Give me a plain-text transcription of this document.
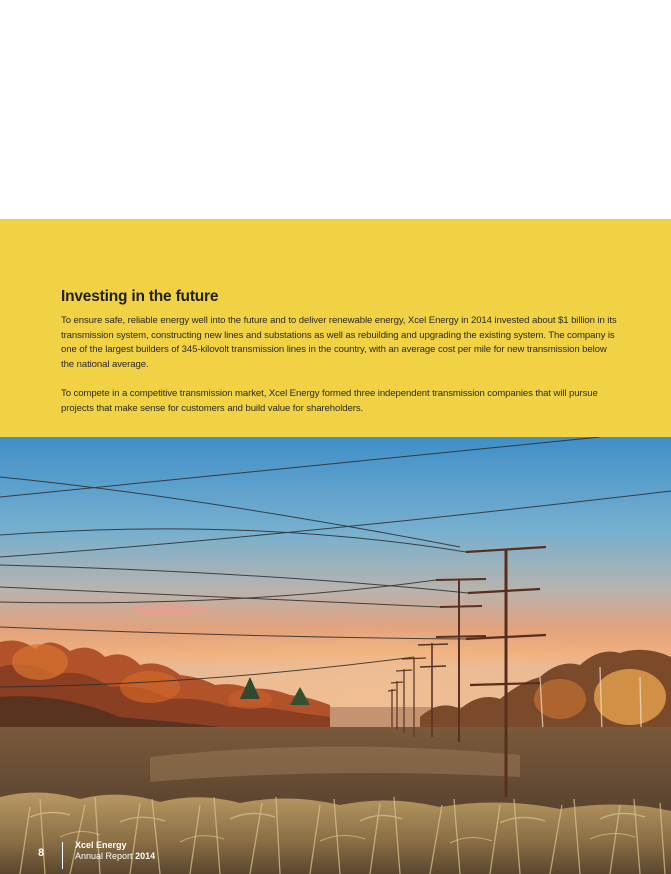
Investing in the future

To ensure safe, reliable energy well into the future and to deliver renewable energy, Xcel Energy in 2014 invested about $1 billion in its transmission system, constructing new lines and substations as well as rebuilding and upgrading the existing system. The company is one of the largest builders of 345-kilovolt transmission lines in the country, with an average cost per mile for new transmission below the national average.

To compete in a competitive transmission market, Xcel Energy formed three independent transmission companies that will pursue projects that make sense for customers and build value for shareholders.

8
Xcel Energy
Annual Report 2014
